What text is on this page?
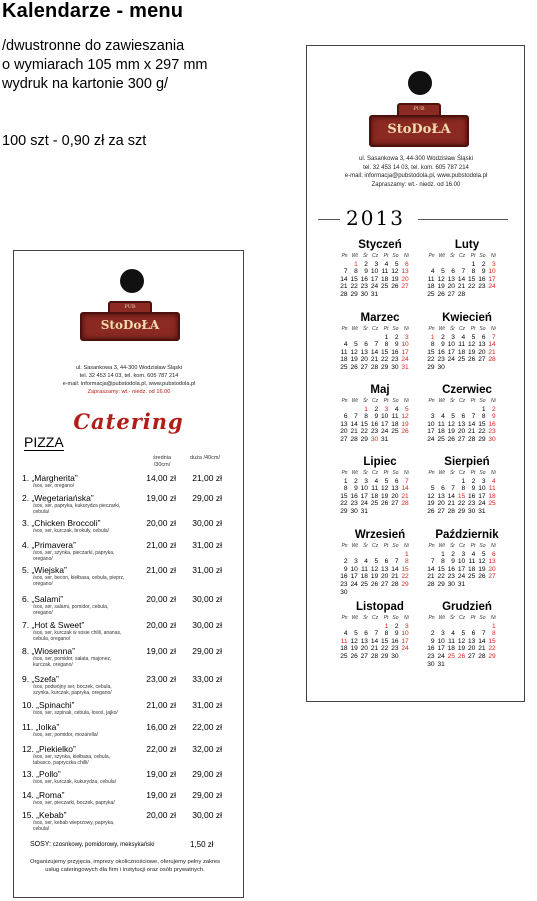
Kalendarze - menu
/dwustronne do zawieszania
o wymiarach 105 mm x 297 mm
wydruk na kartonie 300 g/
100 szt - 0,90 zł za szt
PUB
StoDoŁA
ul. Sasankowa 3, 44-300 Wodzisław Śląski
tel. 32 453 14 03, tel. kom. 605 787 214
e-mail: informacja@pubstodola.pl, www.pubstodola.pl
Zapraszamy: wt.- niedz. od 16.00
Catering
PIZZA
średnia /30cm/
duża /40cm/
1. „Margherita”
/sos, ser, oregano/
14,00 zł	21,00 zł
2. „Wegetariańska”
/sos, ser, papryka, kukurydza pieczarki, cebula/
19,00 zł	29,00 zł
3. „Chicken Broccoli”
/sos, ser, kurczak, brokuły, cebula/
20,00 zł	30,00 zł
4. „Primavera”
/sos, ser, szynka, pieczarki, papryka, oregano/
21,00 zł	31,00 zł
5. „Wiejska”
/sos, ser, becon, kiełbasa, cebula, pieprz, oregano/
21,00 zł	31,00 zł
6. „Salami”
/sos, ser, salami, pomidor, cebula, oregano/
20,00 zł	30,00 zł
7. „Hot & Sweet”
/sos, ser, kurczak w sosie chilli, ananas, cebula, oregano/
20,00 zł	30,00 zł
8. „Wiosenna”
/sos, ser, pomidor, sałata, majonez, kurczak, oregano/
19,00 zł	29,00 zł
9. „Szefa”
/sos, podwójny ser, boczek, cebula, szynka, kurczak, papryka, oregano/
23,00 zł	33,00 zł
10. „Spinachi”
/sos, ser, szpinak, cebula, łosoś, jajko/
21,00 zł	31,00 zł
11. „Iolka”
/sos, ser, pomidor, mozarella/
16,00 zł	22,00 zł
12. „Piekielko”
/sos, ser, szynka, kiełbasa, cebula, tabasco, papryczka chilli/
22,00 zł	32,00 zł
13. „Pollo”
/sos, ser, kurczak, kukurydza, cebula/
19,00 zł	29,00 zł
14. „Roma”
/sos, ser, pieczarki, boczek, papryka/
19,00 zł	29,00 zł
15. „Kebab”
/sos, ser, kebab wieprzowy, papryka, cebula/
20,00 zł	30,00 zł
SOSY: czosnkowy, pomidorowy, meksykański	1,50 zł
Organizujemy przyjęcia, imprezy okolicznościowe, oferujemy pełny zakres usług cateringowych dla firm i instytucji oraz osób prywatnych.
PUB
StoDoŁA
ul. Sasankowa 3, 44-300 Wodzisław Śląski
tel. 32 453 14 03, tel. kom. 605 787 214
e-mail: informacja@pubstodola.pl, www.pubstodola.pl
Zapraszamy: wt.- niedz. od 16.00
2013
Styczeń
Pn	Wt	Śr	Cz	Pt	So	Ni
	1	2	3	4	5	6
7	8	9	10	11	12	13
14	15	16	17	18	19	20
21	22	23	24	25	26	27
28	29	30	31			
Luty
Pn	Wt	Śr	Cz	Pt	So	Ni
				1	2	3
4	5	6	7	8	9	10
11	12	13	14	15	16	17
18	19	20	21	22	23	24
25	26	27	28			
Marzec
Pn	Wt	Śr	Cz	Pt	So	Ni
				1	2	3
4	5	6	7	8	9	10
11	12	13	14	15	16	17
18	19	20	21	22	23	24
25	26	27	28	29	30	31
Kwiecień
Pn	Wt	Śr	Cz	Pt	So	Ni
1	2	3	4	5	6	7
8	9	10	11	12	13	14
15	16	17	18	19	20	21
22	23	24	25	26	27	28
29	30					
Maj
Pn	Wt	Śr	Cz	Pt	So	Ni
		1	2	3	4	5
6	7	8	9	10	11	12
13	14	15	16	17	18	19
20	21	22	23	24	25	26
27	28	29	30	31		
Czerwiec
Pn	Wt	Śr	Cz	Pt	So	Ni
					1	2
3	4	5	6	7	8	9
10	11	12	13	14	15	16
17	18	19	20	21	22	23
24	25	26	27	28	29	30
Lipiec
Pn	Wt	Śr	Cz	Pt	So	Ni
1	2	3	4	5	6	7
8	9	10	11	12	13	14
15	16	17	18	19	20	21
22	23	24	25	26	27	28
29	30	31				
Sierpień
Pn	Wt	Śr	Cz	Pt	So	Ni
			1	2	3	4
5	6	7	8	9	10	11
12	13	14	15	16	17	18
19	20	21	22	23	24	25
26	27	28	29	30	31	
Wrzesień
Pn	Wt	Śr	Cz	Pt	So	Ni
						1
2	3	4	5	6	7	8
9	10	11	12	13	14	15
16	17	18	19	20	21	22
23	24	25	26	27	28	29
30						
Październik
Pn	Wt	Śr	Cz	Pt	So	Ni
	1	2	3	4	5	6
7	8	9	10	11	12	13
14	15	16	17	18	19	20
21	22	23	24	25	26	27
28	29	30	31			
Listopad
Pn	Wt	Śr	Cz	Pt	So	Ni
				1	2	3
4	5	6	7	8	9	10
11	12	13	14	15	16	17
18	19	20	21	22	23	24
25	26	27	28	29	30	
Grudzień
Pn	Wt	Śr	Cz	Pt	So	Ni
						1
2	3	4	5	6	7	8
9	10	11	12	13	14	15
16	17	18	19	20	21	22
23	24	25	26	27	28	29
30	31					
